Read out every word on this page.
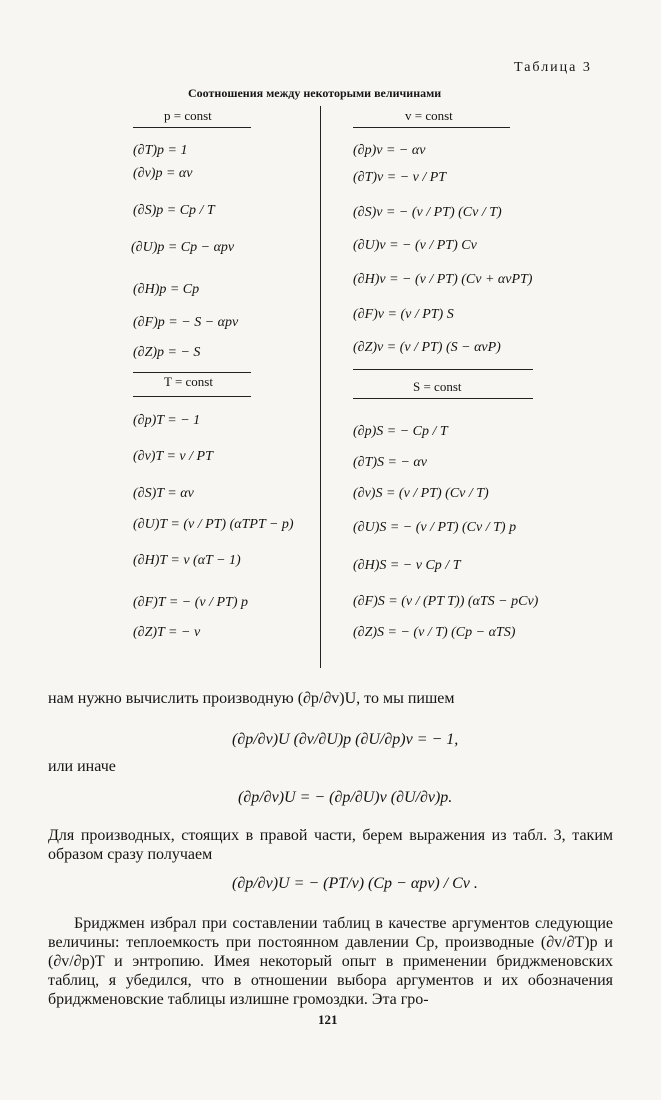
Таблица 3
Соотношения между некоторыми величинами
p = const	v = const
T = const	S = const
(∂T)p = 1
(∂v)p = αv
(∂S)p = Cp / T
(∂U)p = Cp − αpv
(∂H)p = Cp
(∂F)p = − S − αpv
(∂Z)p = − S
(∂p)T = − 1
(∂v)T = v / PT
(∂S)T = αv
(∂U)T = (v / PT) (αTPT − p)
(∂H)T = v (αT − 1)
(∂F)T = − (v / PT) p
(∂Z)T = − v
(∂p)v = − αv
(∂T)v = − v / PT
(∂S)v = − (v / PT) (Cv / T)
(∂U)v = − (v / PT) Cv
(∂H)v = − (v / PT) (Cv + αvPT)
(∂F)v = (v / PT) S
(∂Z)v = (v / PT) (S − αvP)
(∂p)S = − Cp / T
(∂T)S = − αv
(∂v)S = (v / PT) (Cv / T)
(∂U)S = − (v / PT) (Cv / T) p
(∂H)S = − v Cp / T
(∂F)S = (v / (PT T)) (αTS − pCv)
(∂Z)S = − (v / T) (Cp − αTS)
нам нужно вычислить производную (∂p/∂v)U, то мы пишем
(∂p/∂v)U (∂v/∂U)p (∂U/∂p)v = − 1,
или иначе
(∂p/∂v)U = − (∂p/∂U)v (∂U/∂v)p.
Для производных, стоящих в правой части, берем выражения из табл. 3, таким образом сразу получаем
(∂p/∂v)U = − (PT/v) (Cp − αpv) / Cv .
Бриджмен избрал при составлении таблиц в качестве аргументов следующие величины: теплоемкость при постоянном давлении Cp, производные (∂v/∂T)p и (∂v/∂p)T и энтропию. Имея некоторый опыт в применении бриджменовских таблиц, я убедился, что в отношении выбора аргументов и их обозначения бриджменовские таблицы излишне громоздки. Эта гро-
121
